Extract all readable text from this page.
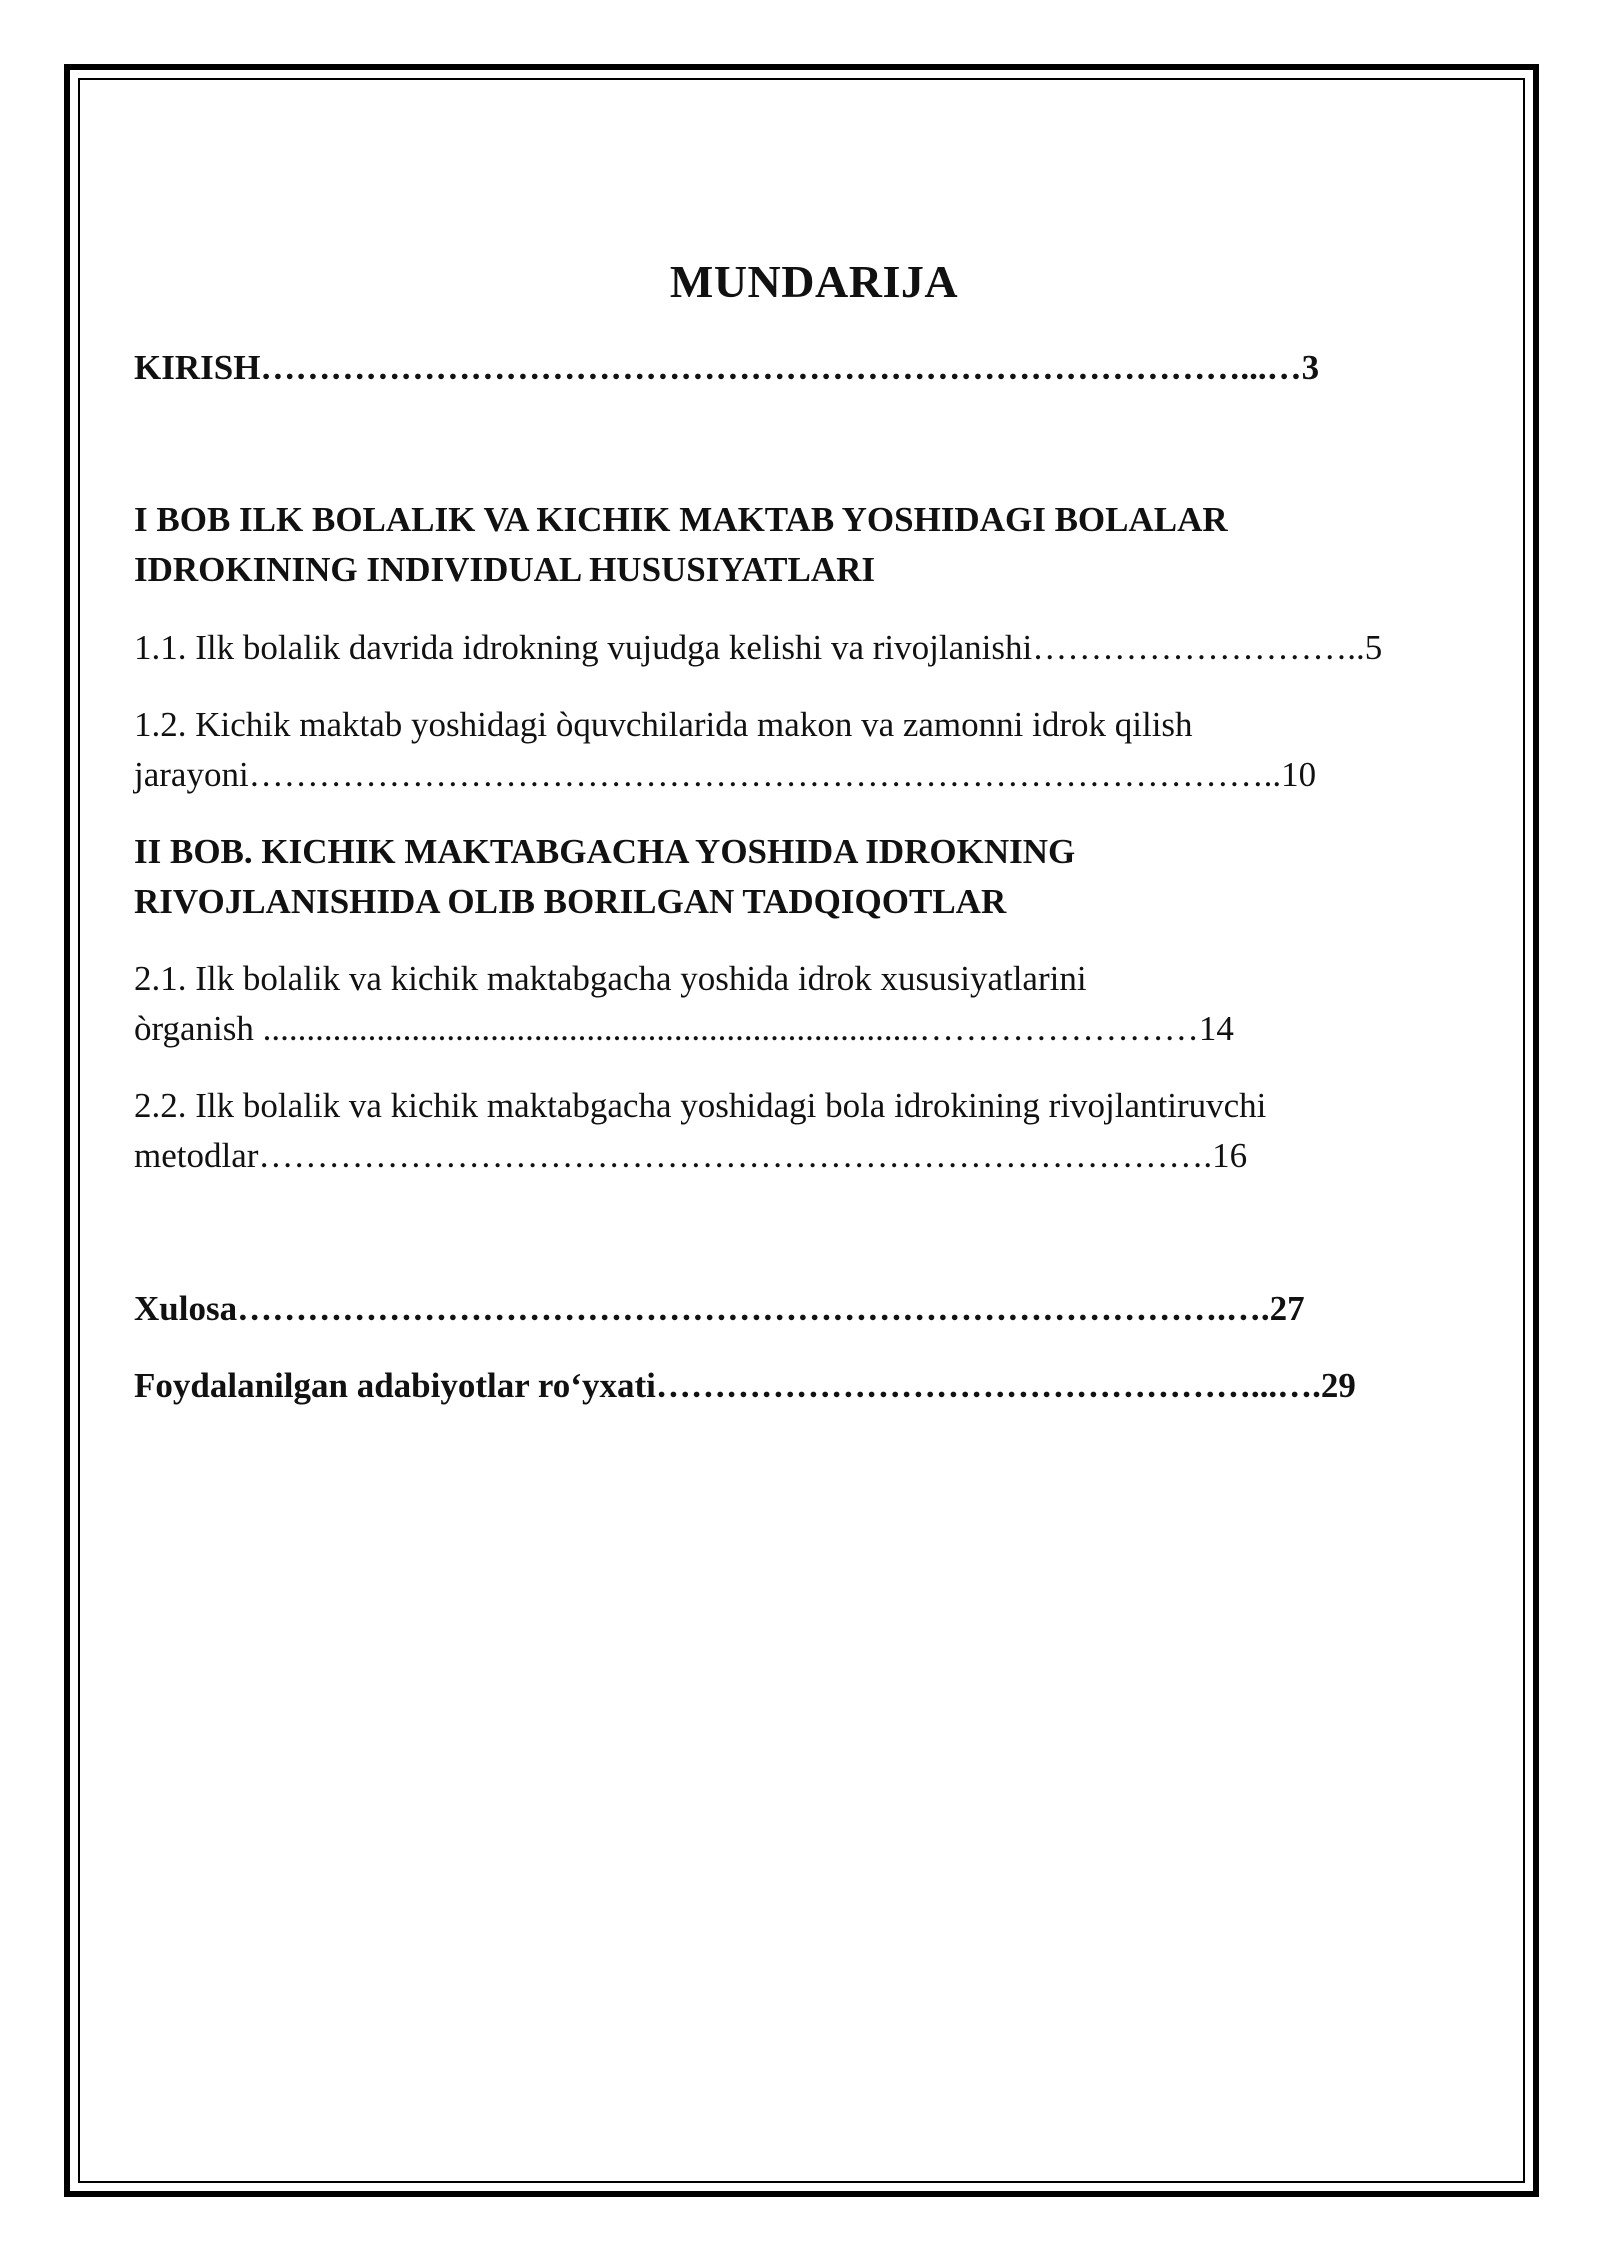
MUNDARIJA
KIRISH…………………………………………………………………………...…3
I BOB ILK BOLALIK VA KICHIK MAKTAB YOSHIDAGI BOLALAR
IDROKINING INDIVIDUAL HUSUSIYATLARI
1.1. Ilk bolalik davrida idrokning vujudga kelishi va rivojlanishi………………………..5
1.2. Kichik maktab yoshidagi òquvchilarida makon va zamonni idrok qilish
jarayoni……………………………………………………………………………..10
II BOB. KICHIK MAKTABGACHA YOSHIDA IDROKNING
RIVOJLANISHIDA OLIB BORILGAN TADQIQOTLAR
2.1. Ilk bolalik va kichik maktabgacha yoshida idrok xususiyatlarini
òrganish ...........................................................................……………………14
2.2. Ilk bolalik va kichik maktabgacha yoshidagi bola idrokining rivojlantiruvchi
metodlar……………………………………………………………………….16
Xulosa………………………………………………………………………….….27
Foydalanilgan adabiyotlar ro‘yxati……………………………………………...….29
